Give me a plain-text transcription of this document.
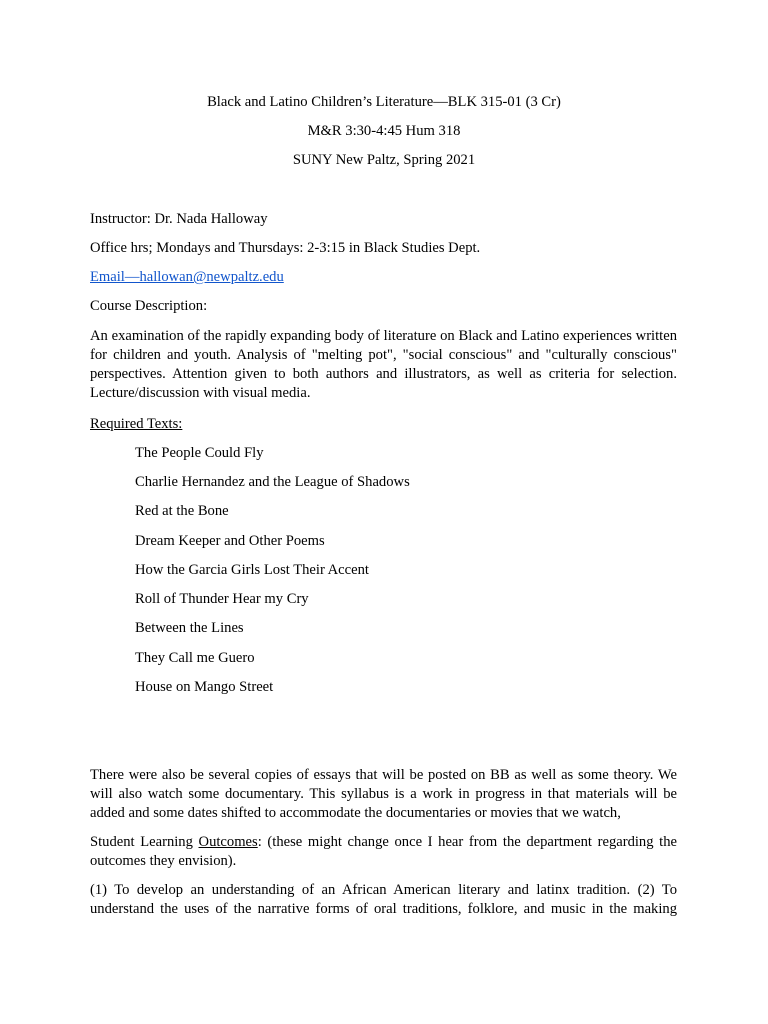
Black and Latino Children’s Literature—BLK 315-01 (3 Cr)
M&R 3:30-4:45 Hum 318
SUNY New Paltz, Spring 2021
Instructor: Dr. Nada Halloway
Office hrs; Mondays and Thursdays: 2-3:15 in Black Studies Dept.
Email—hallowan@newpaltz.edu
Course Description:
An examination of the rapidly expanding body of literature on Black and Latino experiences written for children and youth. Analysis of "melting pot", "social conscious" and "culturally conscious" perspectives. Attention given to both authors and illustrators, as well as criteria for selection. Lecture/discussion with visual media.
Required Texts:
The People Could Fly
Charlie Hernandez and the League of Shadows
Red at the Bone
Dream Keeper and Other Poems
How the Garcia Girls Lost Their Accent
Roll of Thunder Hear my Cry
Between the Lines
They Call me Guero
House on Mango Street
There were also be several copies of essays that will be posted on BB as well as some theory. We will also watch some documentary. This syllabus is a work in progress in that materials will be added and some dates shifted to accommodate the documentaries or movies that we watch,
Student Learning Outcomes: (these might change once I hear from the department regarding the outcomes they envision).
(1) To develop an understanding of an African American literary and latinx tradition. (2) To understand the uses of the narrative forms of oral traditions, folklore, and music in the making
